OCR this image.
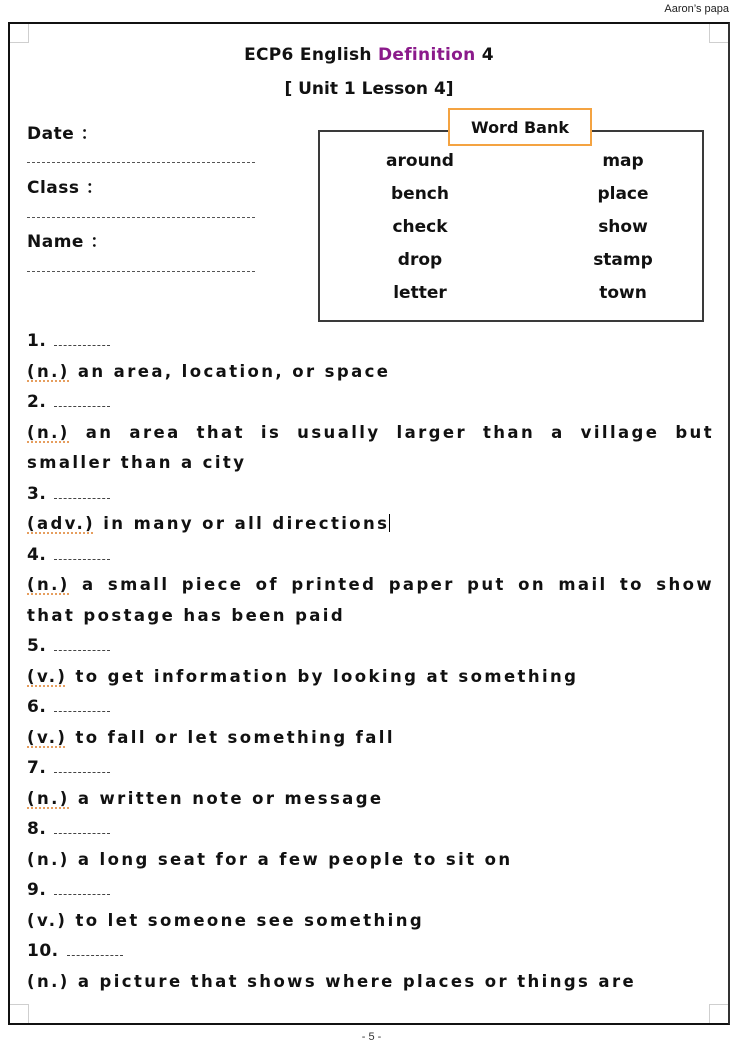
Aaron’s papa
ECP6 English Definition 4
[ Unit 1 Lesson 4]
Date ：
Class ：
Name ：
Word Bank
around
bench
check
drop
letter
map
place
show
stamp
town
1.
(n.) an area, location, or space
2.
(n.) an area that is usually larger than a village but smaller than a city
3.
(adv.) in many or all directions
4.
(n.) a small piece of printed paper put on mail to show that postage has been paid
5.
(v.) to get information by looking at something
6.
(v.) to fall or let something fall
7.
(n.) a written note or message
8.
(n.) a long seat for a few people to sit on
9.
(v.) to let someone see something
10.
(n.) a picture that shows where places or things are
- 5 -
